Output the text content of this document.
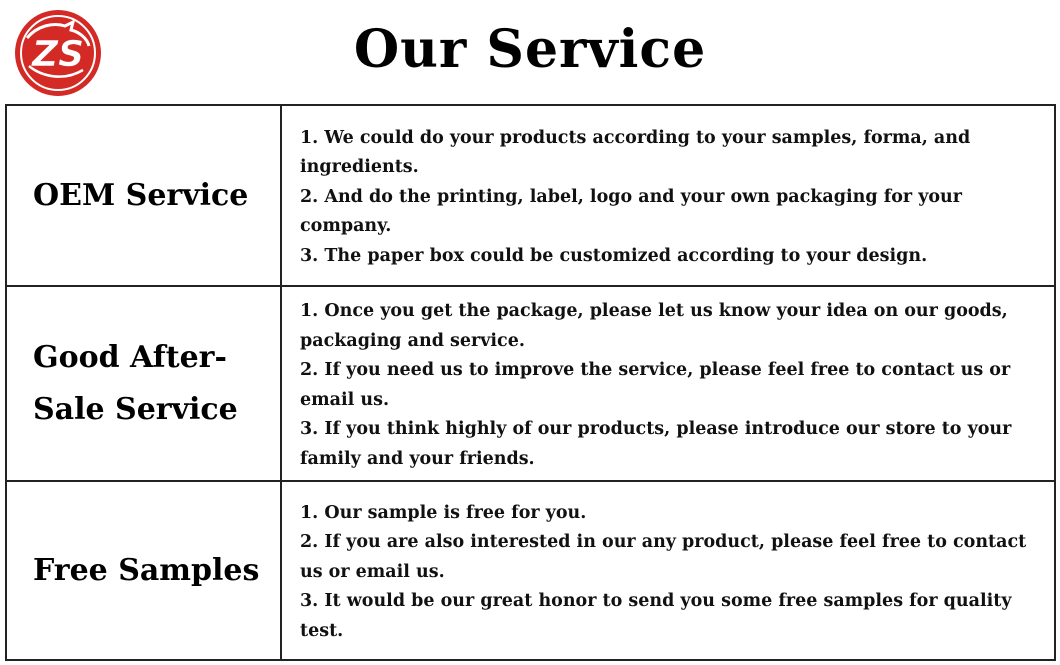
ZS	Our Service
OEM Service

1. We could do your products according to your samples, forma, and ingredients.

2. And do the printing, label, logo and your own packaging for your company.

3. The paper box could be customized according to your design.

Good After-Sale Service

1. Once you get the package, please let us know your idea on our goods, packaging and service.

2. If you need us to improve the service, please feel free to contact us or email us.

3. If you think highly of our products, please introduce our store to your family and your friends.

Free Samples

1. Our sample is free for you.

2. If you are also interested in our any product, please feel free to contact us or email us.

3. It would be our great honor to send you some free samples for quality test.
